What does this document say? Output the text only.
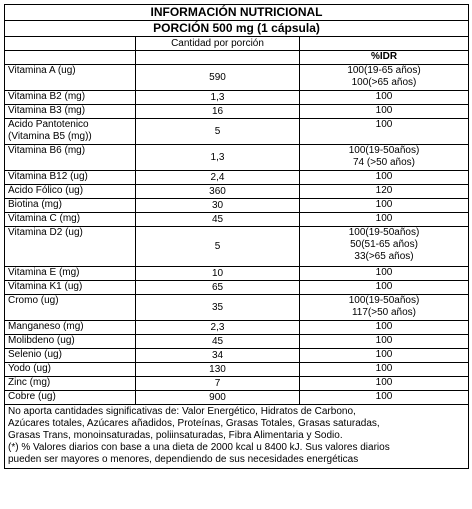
INFORMACIÓN NUTRICIONAL		
PORCIÓN 500 mg (1 cápsula)		
	Cantidad por porción	
		%IDR

Vitamina A (ug)	590	100(19-65 años)
100(>65 años)

Vitamina B2 (mg)	1,3	100

Vitamina B3 (mg)	16	100

Acido Pantotenico
(Vitamina B5 (mg))	5	100

Vitamina B6 (mg)	1,3	100(19-50años)
74 (>50 años)

Vitamina B12 (ug)	2,4	100

Ácido Fólico (ug)	360	120

Biotina (mg)	30	100

Vitamina C (mg)	45	100

Vitamina D2 (ug)	5	100(19-50años)
50(51-65 años)
33(>65 años)

Vitamina E (mg)	10	100

Vitamina K1 (ug)	65	100

Cromo (ug)	35	100(19-50años)
117(>50 años)

Manganeso (mg)	2,3	100

Molibdeno (ug)	45	100

Selenio (ug)	34	100

Yodo (ug)	130	100

Zinc (mg)	7	100

Cobre (ug)	900	100

No aporta cantidades significativas de: Valor Energético, Hidratos de Carbono,

Azúcares totales, Azúcares añadidos, Proteínas, Grasas Totales, Grasas saturadas,

Grasas Trans, monoinsaturadas, poliinsaturadas, Fibra Alimentaria y Sodio.

(*) % Valores diarios con base a una dieta de 2000 kcal u 8400 kJ. Sus valores diarios

pueden ser mayores o menores, dependiendo de sus necesidades energéticas		
